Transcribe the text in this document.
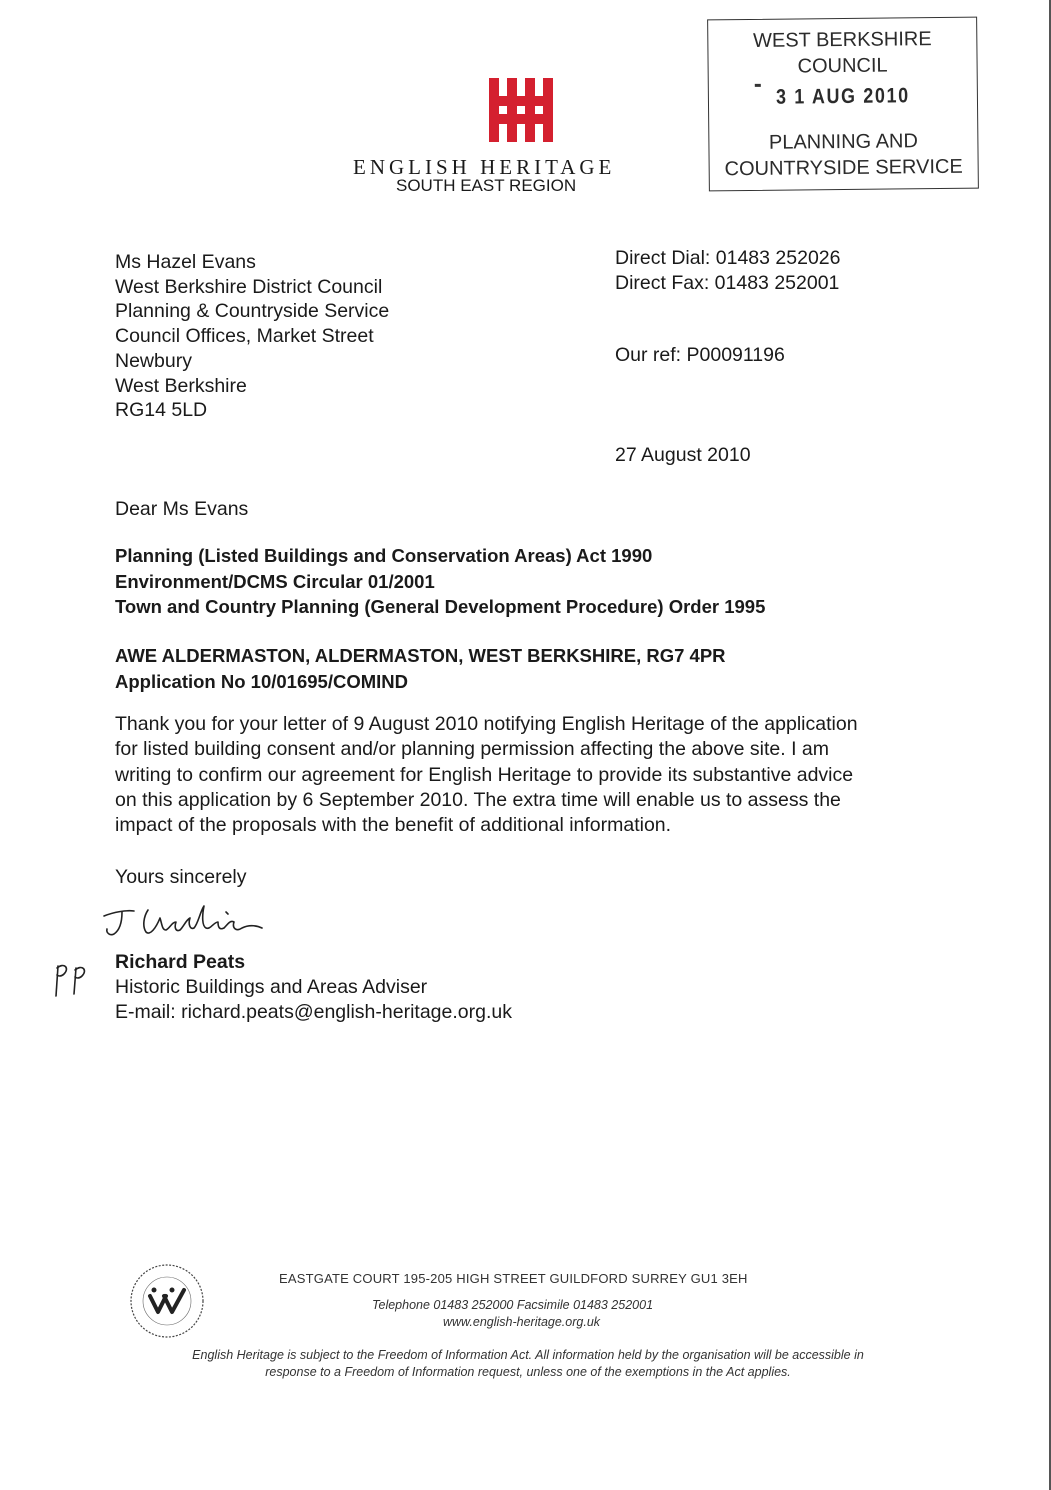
ENGLISH HERITAGE
SOUTH EAST REGION
WEST BERKSHIRE
COUNCIL
3 1 AUG 2010
PLANNING AND
COUNTRYSIDE SERVICE
Ms Hazel Evans
West Berkshire District Council
Planning & Countryside Service
Council Offices, Market Street
Newbury
West Berkshire
RG14 5LD
Direct Dial: 01483 252026
Direct Fax: 01483 252001
Our ref: P00091196
27 August 2010
Dear Ms Evans
Planning (Listed Buildings and Conservation Areas) Act 1990
Environment/DCMS Circular 01/2001
Town and Country Planning (General Development Procedure) Order 1995
AWE ALDERMASTON, ALDERMASTON, WEST BERKSHIRE, RG7 4PR
Application No 10/01695/COMIND
Thank you for your letter of 9 August 2010 notifying English Heritage of the application
for listed building consent and/or planning permission affecting the above site. I am
writing to confirm our agreement for English Heritage to provide its substantive advice
on this application by 6 September 2010. The extra time will enable us to assess the
impact of the proposals with the benefit of additional information.
Yours sincerely
Richard Peats
Historic Buildings and Areas Adviser
E-mail: richard.peats@english-heritage.org.uk
EASTGATE COURT 195-205 HIGH STREET GUILDFORD SURREY GU1 3EH
Telephone 01483 252000 Facsimile 01483 252001
www.english-heritage.org.uk
English Heritage is subject to the Freedom of Information Act. All information held by the organisation will be accessible in
response to a Freedom of Information request, unless one of the exemptions in the Act applies.
